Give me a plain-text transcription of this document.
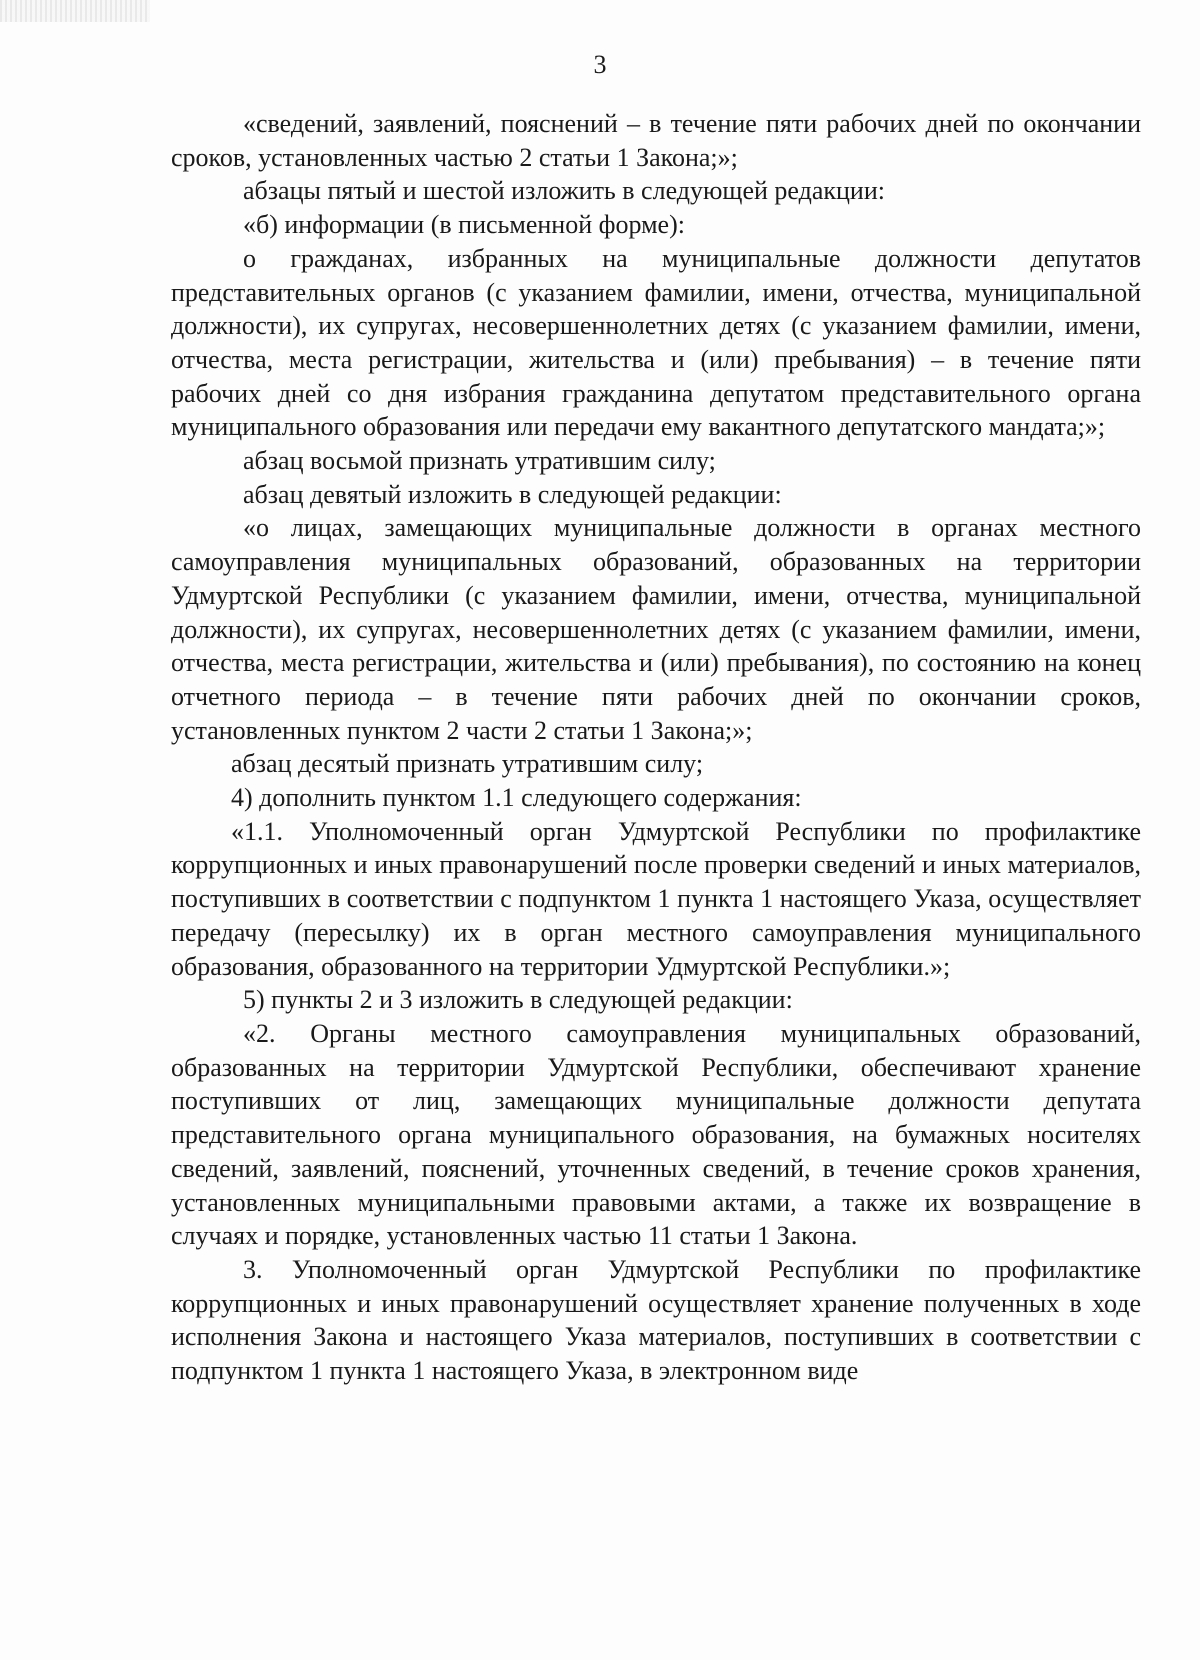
3

«сведений, заявлений, пояснений – в течение пяти рабочих дней по окончании сроков, установленных частью 2 статьи 1 Закона;»;

абзацы пятый и шестой изложить в следующей редакции:

«б) информации (в письменной форме):

о гражданах, избранных на муниципальные должности депутатов представительных органов (с указанием фамилии, имени, отчества, муниципальной должности), их супругах, несовершеннолетних детях (с указанием фамилии, имени, отчества, места регистрации, жительства и (или) пребывания) – в течение пяти рабочих дней со дня избрания гражданина депутатом представительного органа муниципального образования или передачи ему вакантного депутатского мандата;»;

абзац восьмой признать утратившим силу;

абзац девятый изложить в следующей редакции:

«о лицах, замещающих муниципальные должности в органах местного самоуправления муниципальных образований, образованных на территории Удмуртской Республики (с указанием фамилии, имени, отчества, муниципальной должности), их супругах, несовершеннолетних детях (с указанием фамилии, имени, отчества, места регистрации, жительства и (или) пребывания), по состоянию на конец отчетного периода – в течение пяти рабочих дней по окончании сроков, установленных пунктом 2 части 2 статьи 1 Закона;»;

абзац десятый признать утратившим силу;

4) дополнить пунктом 1.1 следующего содержания:

«1.1. Уполномоченный орган Удмуртской Республики по профилактике коррупционных и иных правонарушений после проверки сведений и иных материалов, поступивших в соответствии с подпунктом 1 пункта 1 настоящего Указа, осуществляет передачу (пересылку) их в орган местного самоуправления муниципального образования, образованного на территории Удмуртской Республики.»;

5) пункты 2 и 3 изложить в следующей редакции:

«2. Органы местного самоуправления муниципальных образований, образованных на территории Удмуртской Республики, обеспечивают хранение поступивших от лиц, замещающих муниципальные должности депутата представительного органа муниципального образования, на бумажных носителях сведений, заявлений, пояснений, уточненных сведений, в течение сроков хранения, установленных муниципальными правовыми актами, а также их возвращение в случаях и порядке, установленных частью 11 статьи 1 Закона.

3. Уполномоченный орган Удмуртской Республики по профилактике коррупционных и иных правонарушений осуществляет хранение полученных в ходе исполнения Закона и настоящего Указа материалов, поступивших в соответствии с подпунктом 1 пункта 1 настоящего Указа, в электронном виде
